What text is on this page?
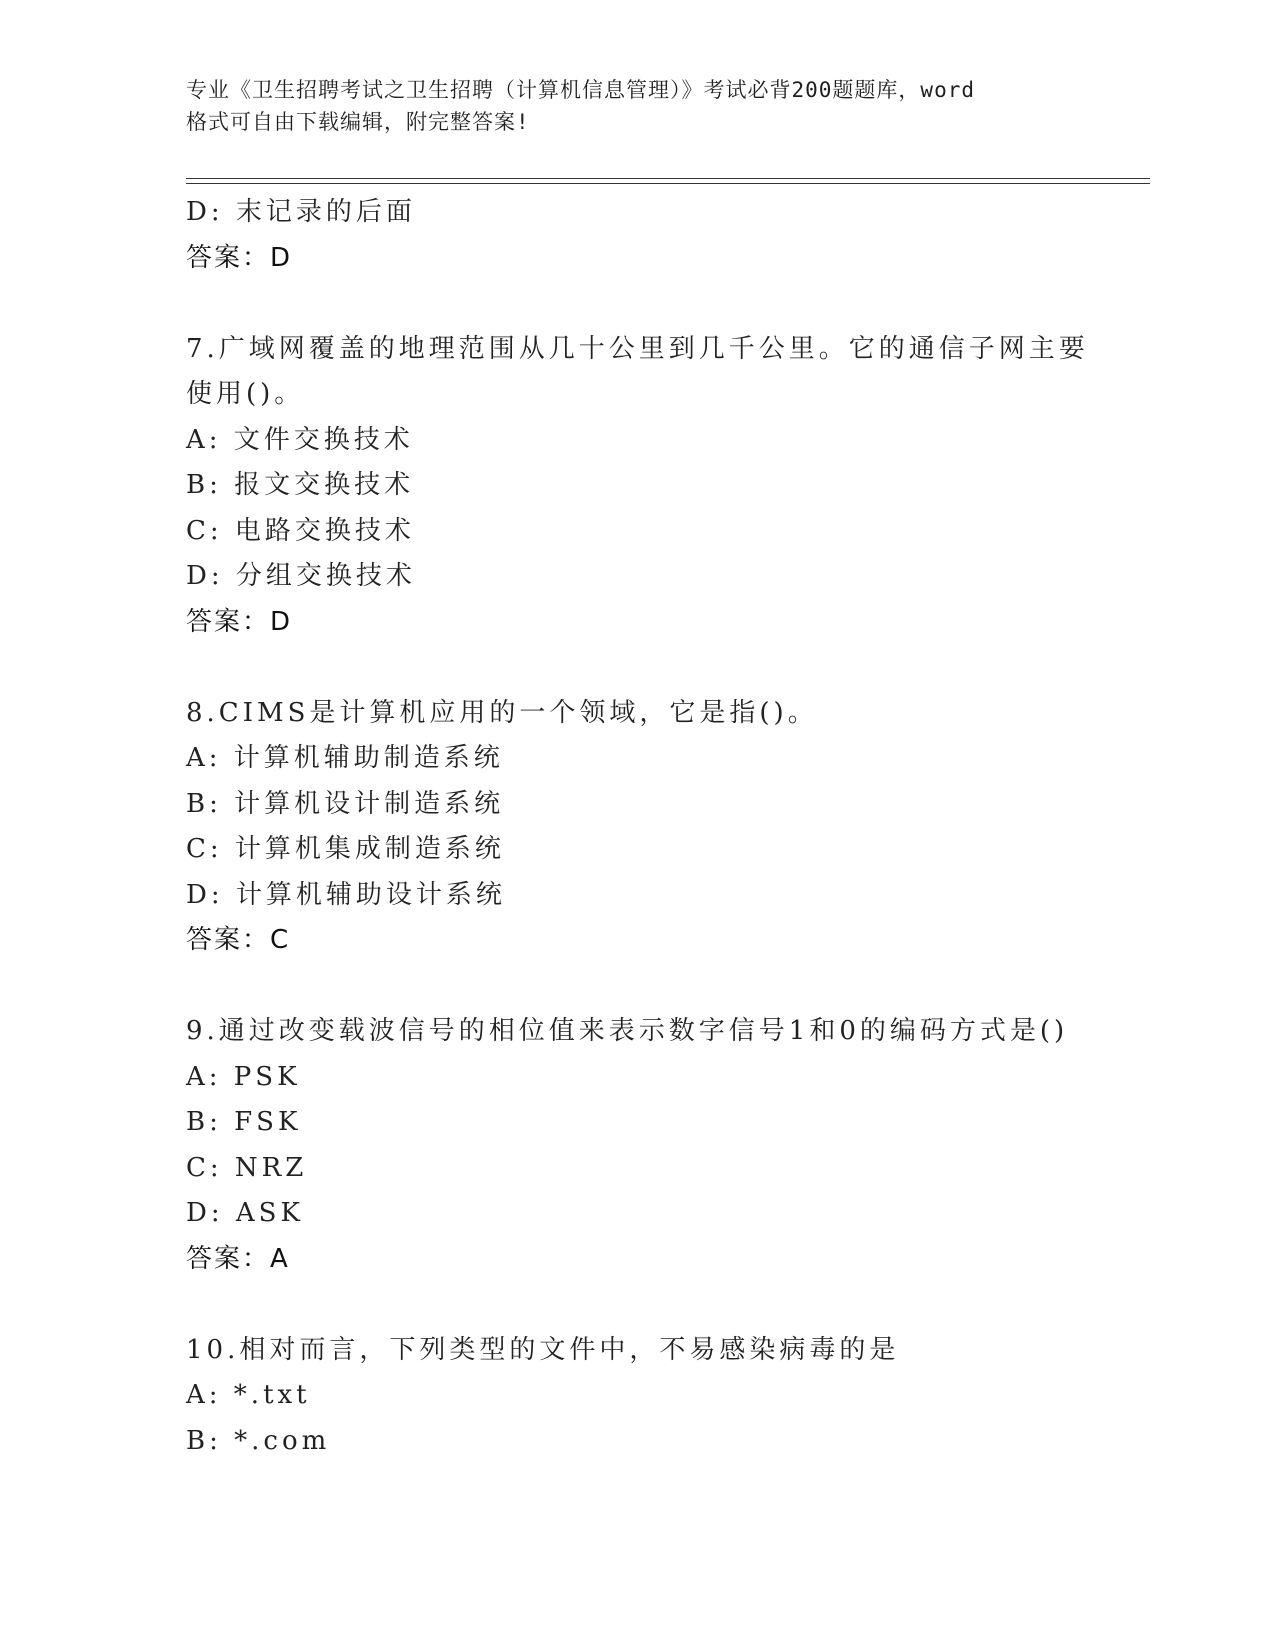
专业《卫生招聘考试之卫生招聘（计算机信息管理）》考试必背200题题库，word
格式可自由下载编辑，附完整答案!
D: 末记录的后面
答案：D
7.广域网覆盖的地理范围从几十公里到几千公里。它的通信子网主要
使用()。
A: 文件交换技术
B: 报文交换技术
C: 电路交换技术
D: 分组交换技术
答案：D
8.CIMS是计算机应用的一个领域，它是指()。
A: 计算机辅助制造系统
B: 计算机设计制造系统
C: 计算机集成制造系统
D: 计算机辅助设计系统
答案：C
9.通过改变载波信号的相位值来表示数字信号1和0的编码方式是()
A: PSK
B: FSK
C: NRZ
D: ASK
答案：A
10.相对而言，下列类型的文件中，不易感染病毒的是
A: *.txt
B: *.com
